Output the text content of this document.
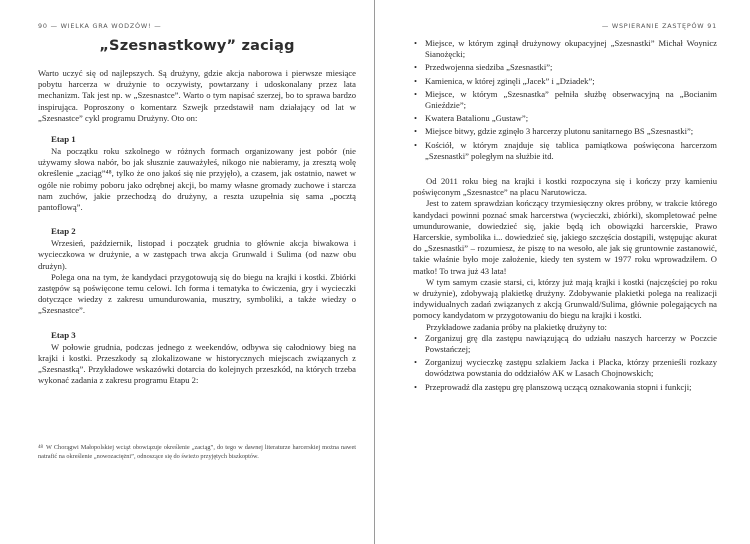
90 — WIELKA GRA WODZÓW! —
„Szesnastkowy” zaciąg

Warto uczyć się od najlepszych. Są drużyny, gdzie akcja naborowa i pierwsze miesiące pobytu harcerza w drużynie to oczywisty, powtarzany i udoskonalany przez lata mechanizm. Tak jest np. w „Szesnastce”. Warto o tym napisać szerzej, bo to sprawa bardzo inspirująca. Poproszony o komentarz Szwejk przedstawił nam działający od lat w „Szesnastce” cykl programu Drużyny. Oto on:

Etap 1

Na początku roku szkolnego w różnych formach organizowany jest pobór (nie używamy słowa nabór, bo jak słusznie zauważyłeś, nikogo nie nabieramy, ja zresztą wolę określenie „zaciąg”⁴⁸, tylko że ono jakoś się nie przyjęło), a czasem, jak ostatnio, nawet w ogóle nie robimy poboru jako odrębnej akcji, bo mamy własne gromady zuchowe i starcza nam zuchów, jakie przechodzą do drużyny, a reszta uzupełnia się sama „pocztą pantoflową”.

Etap 2

Wrzesień, październik, listopad i początek grudnia to głównie akcja biwakowa i wycieczkowa w drużynie, a w zastępach trwa akcja Grunwald i Sulima (od nazw obu drużyn).

Polega ona na tym, że kandydaci przygotowują się do biegu na krajki i kostki. Zbiórki zastępów są poświęcone temu celowi. Ich forma i tematyka to ćwiczenia, gry i wycieczki dotyczące wiedzy z zakresu umundurowania, musztry, symboliki, a także wiedzy o „Szesnastce”.

Etap 3

W połowie grudnia, podczas jednego z weekendów, odbywa się całodniowy bieg na krajki i kostki. Przeszkody są zlokalizowane w historycznych miejscach związanych z „Szesnastką”. Przykładowe wskazówki dotarcia do kolejnych przeszkód, na których trzeba wykonać zadania z zakresu programu Etapu 2:

48 W Chorągwi Małopolskiej wciąż obowiązuje określenie „zaciąg”, do tego w dawnej literaturze harcerskiej można nawet natrafić na określenie „nowozaciężni”, odnoszące się do świeżo przyjętych biszkoptów.
— WSPIERANIE ZASTĘPÓW 91
• Miejsce, w którym zginął drużynowy okupacyjnej „Szesnastki” Michał Woynicz Sianożęcki;
• Przedwojenna siedziba „Szesnastki”;
• Kamienica, w której zginęli „Jacek” i „Dziadek”;
• Miejsce, w którym „Szesnastka” pełniła służbę obserwacyjną na „Bocianim Gnieździe”;
• Kwatera Batalionu „Gustaw”;
• Miejsce bitwy, gdzie zginęło 3 harcerzy plutonu sanitarnego BS „Szesnastki”;
• Kościół, w którym znajduje się tablica pamiątkowa poświęcona harcerzom „Szesnastki” poległym na służbie itd.

Od 2011 roku bieg na krajki i kostki rozpoczyna się i kończy przy kamieniu poświęconym „Szesnastce” na placu Narutowicza.

Jest to zatem sprawdzian kończący trzymiesięczny okres próbny, w trakcie którego kandydaci powinni poznać smak harcerstwa (wycieczki, zbiórki), skompletować pełne umundurowanie, dowiedzieć się, jakie będą ich obowiązki harcerskie, Prawo Harcerskie, symbolika i... dowiedzieć się, jakiego szczęścia dostąpili, wstępując akurat do „Szesnastki” – rozumiesz, że piszę to na wesoło, ale jak się gruntownie zastanowić, takie właśnie było moje założenie, kiedy ten system w 1977 roku wprowadziłem. O matko! To trwa już 43 lata!

W tym samym czasie starsi, ci, którzy już mają krajki i kostki (najczęściej po roku w drużynie), zdobywają plakietkę drużyny. Zdobywanie plakietki polega na realizacji indywidualnych zadań związanych z akcją Grunwald/Sulima, głównie polegających na pomocy kandydatom w przygotowaniu do biegu na krajki i kostki.

Przykładowe zadania próby na plakietkę drużyny to:

• Zorganizuj grę dla zastępu nawiązującą do udziału naszych harcerzy w Poczcie Powstańczej;
• Zorganizuj wycieczkę zastępu szlakiem Jacka i Placka, którzy przenieśli rozkazy dowództwa powstania do oddziałów AK w Lasach Chojnowskich;
• Przeprowadź dla zastępu grę planszową uczącą oznakowania stopni i funkcji;
